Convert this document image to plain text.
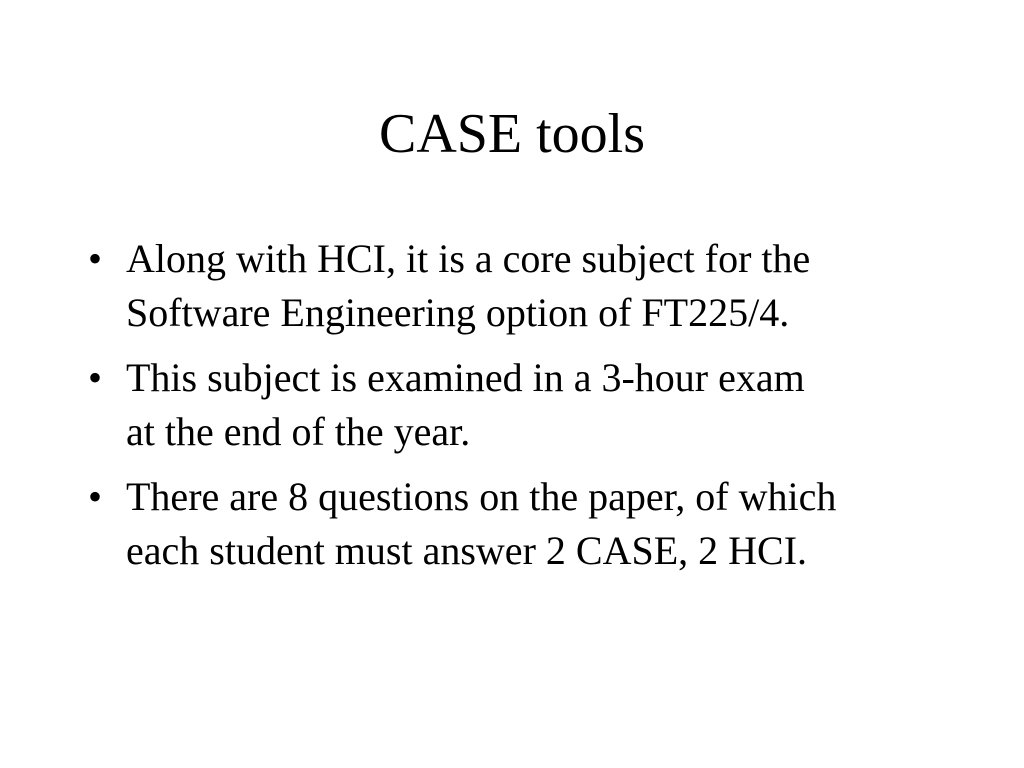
CASE tools
• Along with HCI, it is a core subject for the
Software Engineering option of FT225/4.
• This subject is examined in a 3-hour exam
at the end of the year.
• There are 8 questions on the paper, of which
each student must answer 2 CASE, 2 HCI.
